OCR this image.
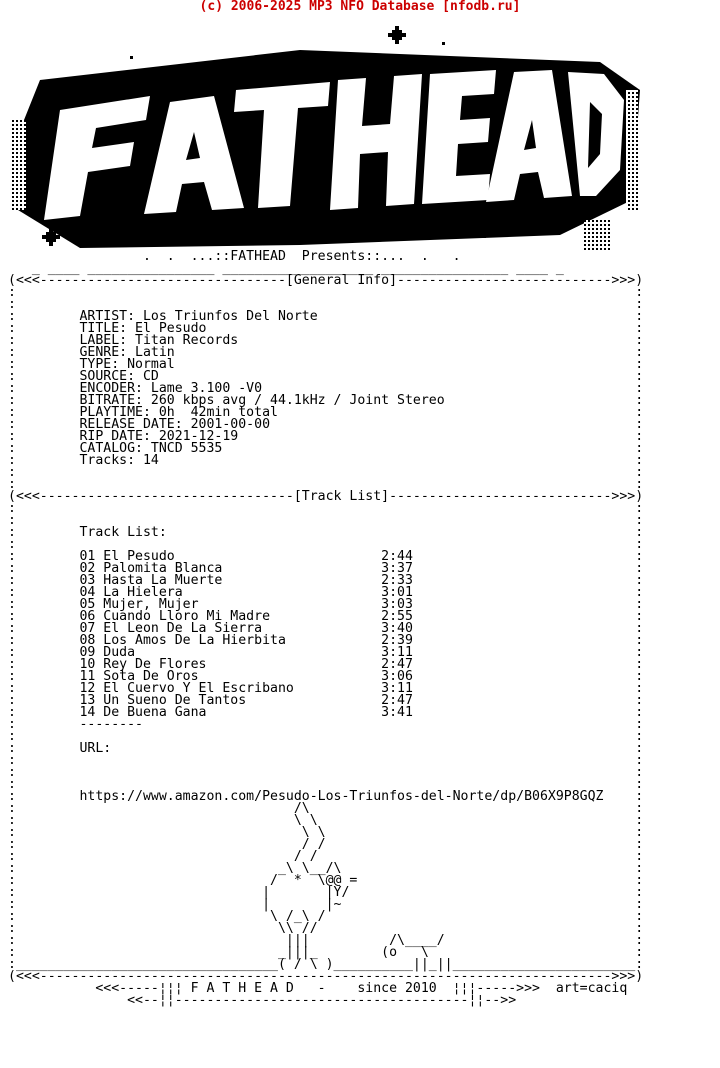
(c) 2006-2025 MP3 NFO Database [nfodb.ru]
.  .  ...::FATHEAD  Presents::...  .   .
_ ____ ________________ ___________________ ________________ ____ _
(<<<-------------------------------[General Info]--------------------------->>>)
:                                                                              :
:                                                                              :
:        ARTIST: Los Triunfos Del Norte                                        :
:        TITLE: El Pesudo                                                      :
:        LABEL: Titan Records                                                  :
:        GENRE: Latin                                                          :
:        TYPE: Normal                                                          :
:        SOURCE: CD                                                            :
:        ENCODER: Lame 3.100 -V0                                               :
:        BITRATE: 260 kbps avg / 44.1kHz / Joint Stereo                        :
:        PLAYTIME: 0h  42min total                                             :
:        RELEASE DATE: 2001-00-00                                              :
:        RIP DATE: 2021-12-19                                                  :
:        CATALOG: TNCD 5535                                                    :
:        Tracks: 14                                                            :
:                                                                              :
:                                                                              :
(<<<--------------------------------[Track List]---------------------------->>>)
:                                                                              :
:                                                                              :
:        Track List:                                                           :
:                                                                              :
:        01 El Pesudo                          2:44                            :
:        02 Palomita Blanca                    3:37                            :
:        03 Hasta La Muerte                    2:33                            :
:        04 La Hielera                         3:01                            :
:        05 Mujer, Mujer                       3:03                            :
:        06 Cuando Lloro Mi Madre              2:55                            :
:        07 El Leon De La Sierra               3:40                            :
:        08 Los Amos De La Hierbita            2:39                            :
:        09 Duda                               3:11                            :
:        10 Rey De Flores                      2:47                            :
:        11 Sota De Oros                       3:06                            :
:        12 El Cuervo Y El Escribano           3:11                            :
:        13 Un Sueno De Tantos                 2:47                            :
:        14 De Buena Gana                      3:41                            :
:        --------                                                              :
:                                                                              :
:        URL:                                                                  :
:                                                                              :
:                                                                              :
:                                                                              :
:        https://www.amazon.com/Pesudo-Los-Triunfos-del-Norte/dp/B06X9P8GQZ    :
:                                   /\                                         :
:                                   \ \                                        :
:                                    \ \                                       :
:                                    / /                                       :
:                                   / /                                        :
:                                 _\ \__/\                                     :
:                                /  *  \@@ =                                   :
:                               |       |Y/                                    :
:                               |       |~                                     :
:                                \ /_\ /                                       :
:                                 \\ //                                        :
:                                  |||          /\____/                        :
:                                 _|||_        (o   \                          :
:_________________________________( / \ )__________||_||_______________________:
(<<<------------------------------------------------------------------------>>>)
<<<-----¦¦¦ F A T H E A D   -    since 2010  ¦¦¦----->>>  art=caciq
<<--¦¦-------------------------------------¦¦-->>
